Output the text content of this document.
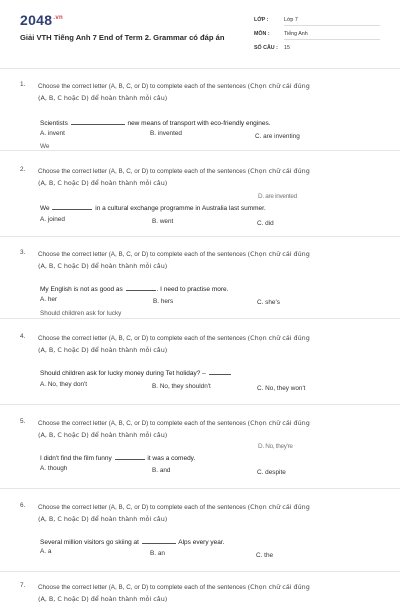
$2048^{.vn}$
Giải VTH Tiếng Anh 7 End of Term 2. Grammar có đáp án
LỚP :	Lớp 7
MÔN :	Tiếng Anh
SỐ CÂU : 15
1. Choose the correct letter (A, B, C, or D) to complete each of the sentences (Chọn chữ cái đúng
(A, B, C hoặc D) để hoàn thành mỗi câu)
Scientists	new means of transport with eco-friendly engines.
A. invent	B. invented	C. are inventing
We
2. Choose the correct letter (A, B, C, or D) to complete each of the sentences (Chọn chữ cái đúng
(A, B, C hoặc D) để hoàn thành mỗi câu)
D. are invented
We	in a cultural exchange programme in Australia last summer.
A. joined	B. went	C. did
3. Choose the correct letter (A, B, C, or D) to complete each of the sentences (Chọn chữ cái đúng
(A, B, C hoặc D) để hoàn thành mỗi câu)
My English is not as good as	. I need to practise more.
A. her	B. hers	C. she's
Should children ask for lucky
4. Choose the correct letter (A, B, C, or D) to complete each of the sentences (Chọn chữ cái đúng
(A, B, C hoặc D) để hoàn thành mỗi câu)
Should children ask for lucky money during Tet holiday? –
A. No, they don't	B. No, they shouldn't	C. No, they won't
5. Choose the correct letter (A, B, C, or D) to complete each of the sentences (Chọn chữ cái đúng
(A, B, C hoặc D) để hoàn thành mỗi câu)
D. No, they're
I didn't find the film funny	it was a comedy.
A. though	B. and	C. despite
6. Choose the correct letter (A, B, C, or D) to complete each of the sentences (Chọn chữ cái đúng
(A, B, C hoặc D) để hoàn thành mỗi câu)
Several million visitors go skiing at	Alps every year.
A. a	B. an	C. the
7. Choose the correct letter (A, B, C, or D) to complete each of the sentences (Chọn chữ cái đúng
(A, B, C hoặc D) để hoàn thành mỗi câu)
